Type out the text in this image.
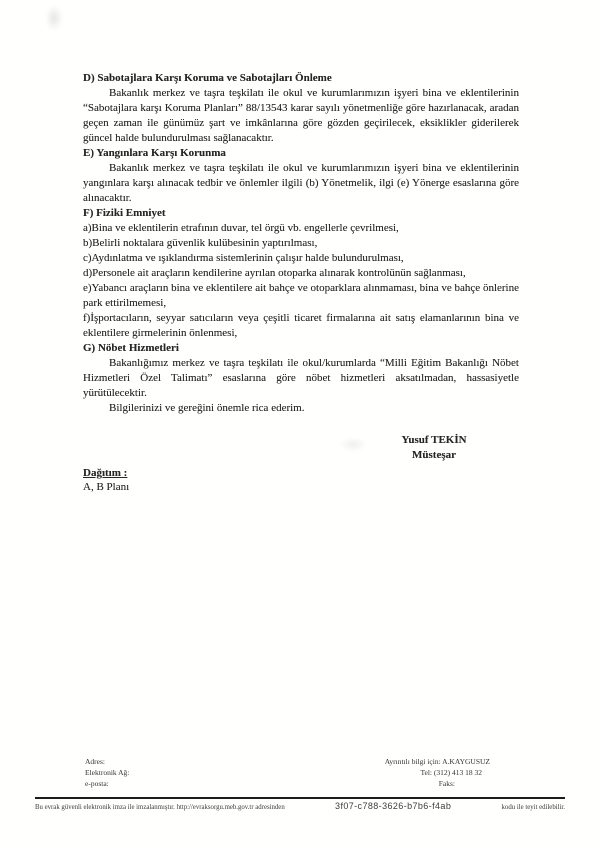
D) Sabotajlara Karşı Koruma ve Sabotajları Önleme

Bakanlık merkez ve taşra teşkilatı ile okul ve kurumlarımızın işyeri bina ve eklentilerinin “Sabotajlara karşı Koruma Planları” 88/13543 karar sayılı yönetmenliğe göre hazırlanacak, aradan geçen zaman ile günümüz şart ve imkânlarına göre gözden geçirilecek, eksiklikler giderilerek güncel halde bulundurulması sağlanacaktır.

E) Yangınlara Karşı Korunma

Bakanlık merkez ve taşra teşkilatı ile okul ve kurumlarımızın işyeri bina ve eklentilerinin yangınlara karşı alınacak tedbir ve önlemler ilgili (b) Yönetmelik, ilgi (e) Yönerge esaslarına göre alınacaktır.

F) Fiziki Emniyet

a)Bina ve eklentilerin etrafının duvar, tel örgü vb. engellerle çevrilmesi,

b)Belirli noktalara güvenlik kulübesinin yaptırılması,

c)Aydınlatma ve ışıklandırma sistemlerinin çalışır halde bulundurulması,

d)Personele ait araçların kendilerine ayrılan otoparka alınarak kontrolünün sağlanması,

e)Yabancı araçların bina ve eklentilere ait bahçe ve otoparklara alınmaması, bina ve bahçe önlerine park ettirilmemesi,

f)İşportacıların, seyyar satıcıların veya çeşitli ticaret firmalarına ait satış elamanlarının bina ve eklentilere girmelerinin önlenmesi,

G) Nöbet Hizmetleri

Bakanlığımız merkez ve taşra teşkilatı ile okul/kurumlarda “Milli Eğitim Bakanlığı Nöbet Hizmetleri Özel Talimatı” esaslarına göre nöbet hizmetleri aksatılmadan, hassasiyetle yürütülecektir.

Bilgilerinizi ve gereğini önemle rica ederim.

Yusuf TEKİN
Müsteşar
Dağıtım :
A, B Planı
Adres:
Elektronik Ağ:
e-posta:
Ayrıntılı bilgi için: A.KAYGUSUZ
Tel: (312) 413 18 32
Faks:
Bu evrak güvenli elektronik imza ile imzalanmıştır. http://evraksorgu.meb.gov.tr adresinden	3f07-c788-3626-b7b6-f4ab	kodu ile teyit edilebilir.
